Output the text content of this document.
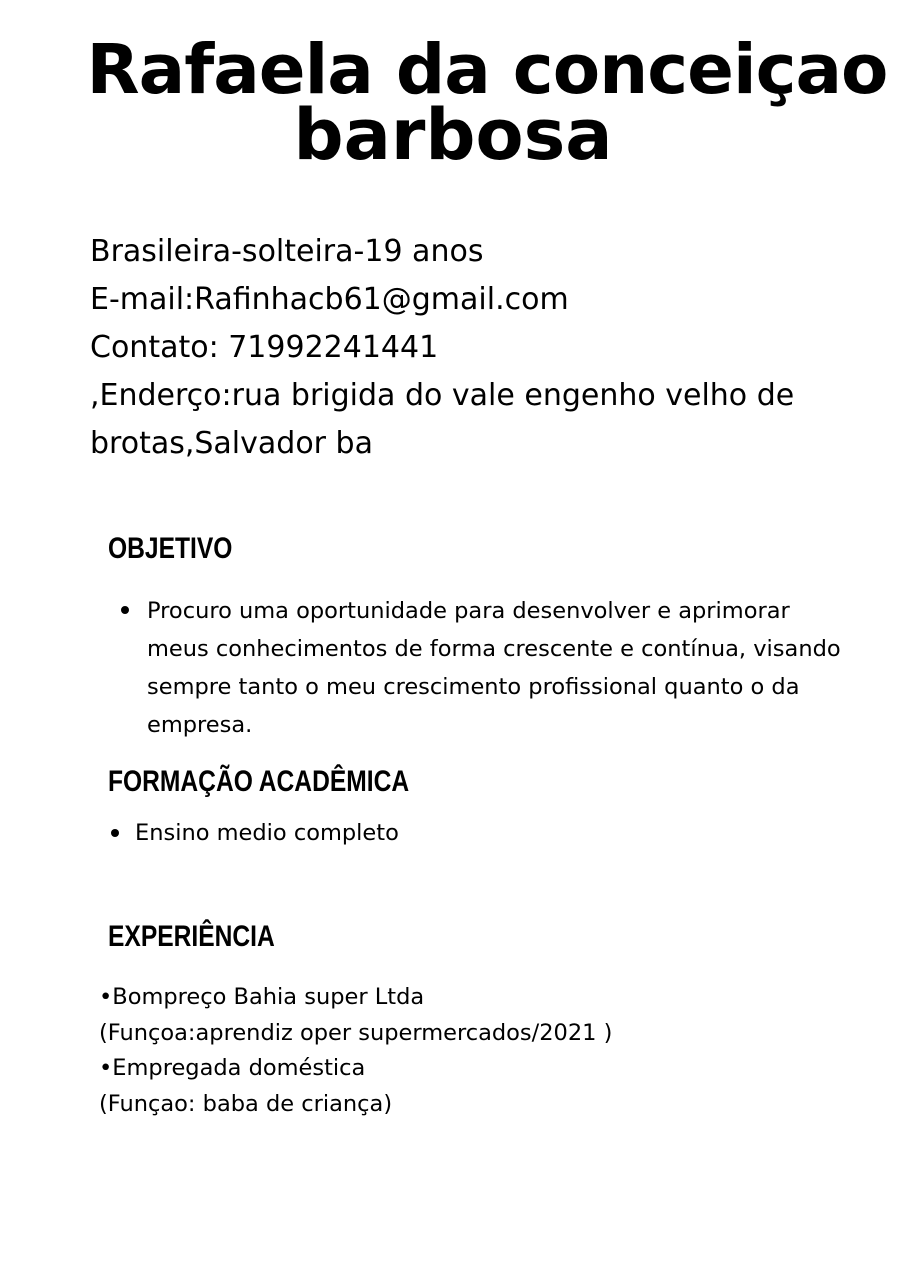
Rafaela da conceiçao
barbosa
Brasileira-solteira-19 anos
E-mail:Rafinhacb61@gmail.com
Contato: 71992241441
,Enderço:rua brigida do vale engenho velho de
brotas,Salvador ba
OBJETIVO
Procuro uma oportunidade para desenvolver e aprimorar
meus conhecimentos de forma crescente e contínua, visando
sempre tanto o meu crescimento profissional quanto o da
empresa.
FORMAÇÃO ACADÊMICA
Ensino medio completo
EXPERIÊNCIA
•Bompreço Bahia super Ltda
(Funçoa:aprendiz oper supermercados/2021 )
•Empregada doméstica
(Funçao: baba de criança)
